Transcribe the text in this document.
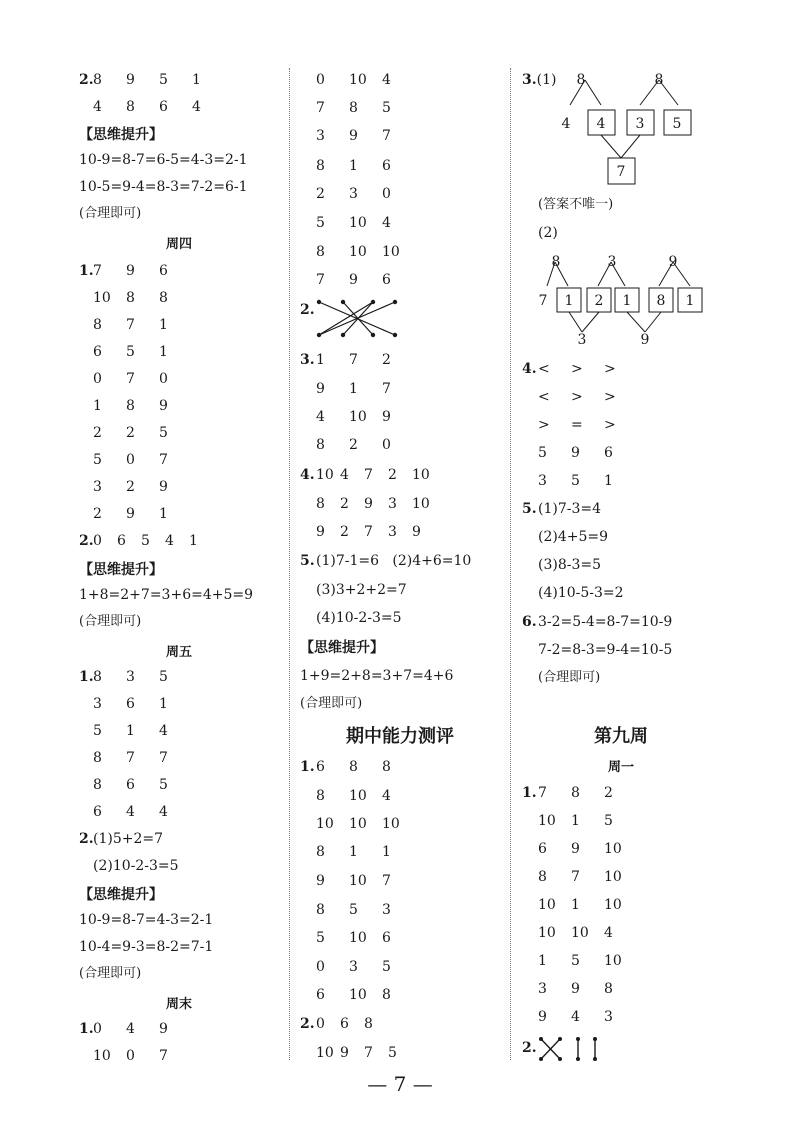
2.8 9 5 1
4 8 6 4
【思维提升】
10-9=8-7=6-5=4-3=2-1
10-5=9-4=8-3=7-2=6-1
(合理即可)
周四
1.7 9 6
10 8 8
8 7 1
6 5 1
0 7 0
1 8 9
2 2 5
5 0 7
3 2 9
2 9 1
2.0 6 5 4 1
【思维提升】
1+8=2+7=3+6=4+5=9
(合理即可)
周五
1.8 3 5
3 6 1
5 1 4
8 7 7
8 6 5
6 4 4
2.(1)5+2=7
(2)10-2-3=5
【思维提升】
10-9=8-7=4-3=2-1
10-4=9-3=8-2=7-1
(合理即可)
周末
1.0 4 9
10 0 7
0 10 4
7 8 5
3 9 7
8 1 6
2 3 0
5 10 4
8 10 10
7 9 6
2.
3.1 7 2
9 1 7
4 10 9
8 2 0
4.10 4 7 2 10
8 2 9 3 10
9 2 7 3 9
5.(1)7-1=6   (2)4+6=10
(3)3+2+2=7
(4)10-2-3=5
【思维提升】
1+9=2+8=3+7=4+6
(合理即可)
期中能力测评
1.6 8 8
8 10 4
10 10 10
8 1 1
9 10 7
8 5 3
5 10 6
0 3 5
6 10 8
2.0 6 8
10 9 7 5
3.(1) 8	8
4 4 3 5
7
(答案不唯一)
(2)
8	3	9
7 1 2 1 8 1
3	9
4.< > >
< > >
> = >
5 9 6
3 5 1
5.(1)7-3=4
(2)4+5=9
(3)8-3=5
(4)10-5-3=2
6.3-2=5-4=8-7=10-9
7-2=8-3=9-4=10-5
(合理即可)
第九周
周一
1.7 8 2
10 1 5
6 9 10
8 7 10
10 1 10
10 10 4
1 5 10
3 9 8
9 4 3
2.
— 7 —
